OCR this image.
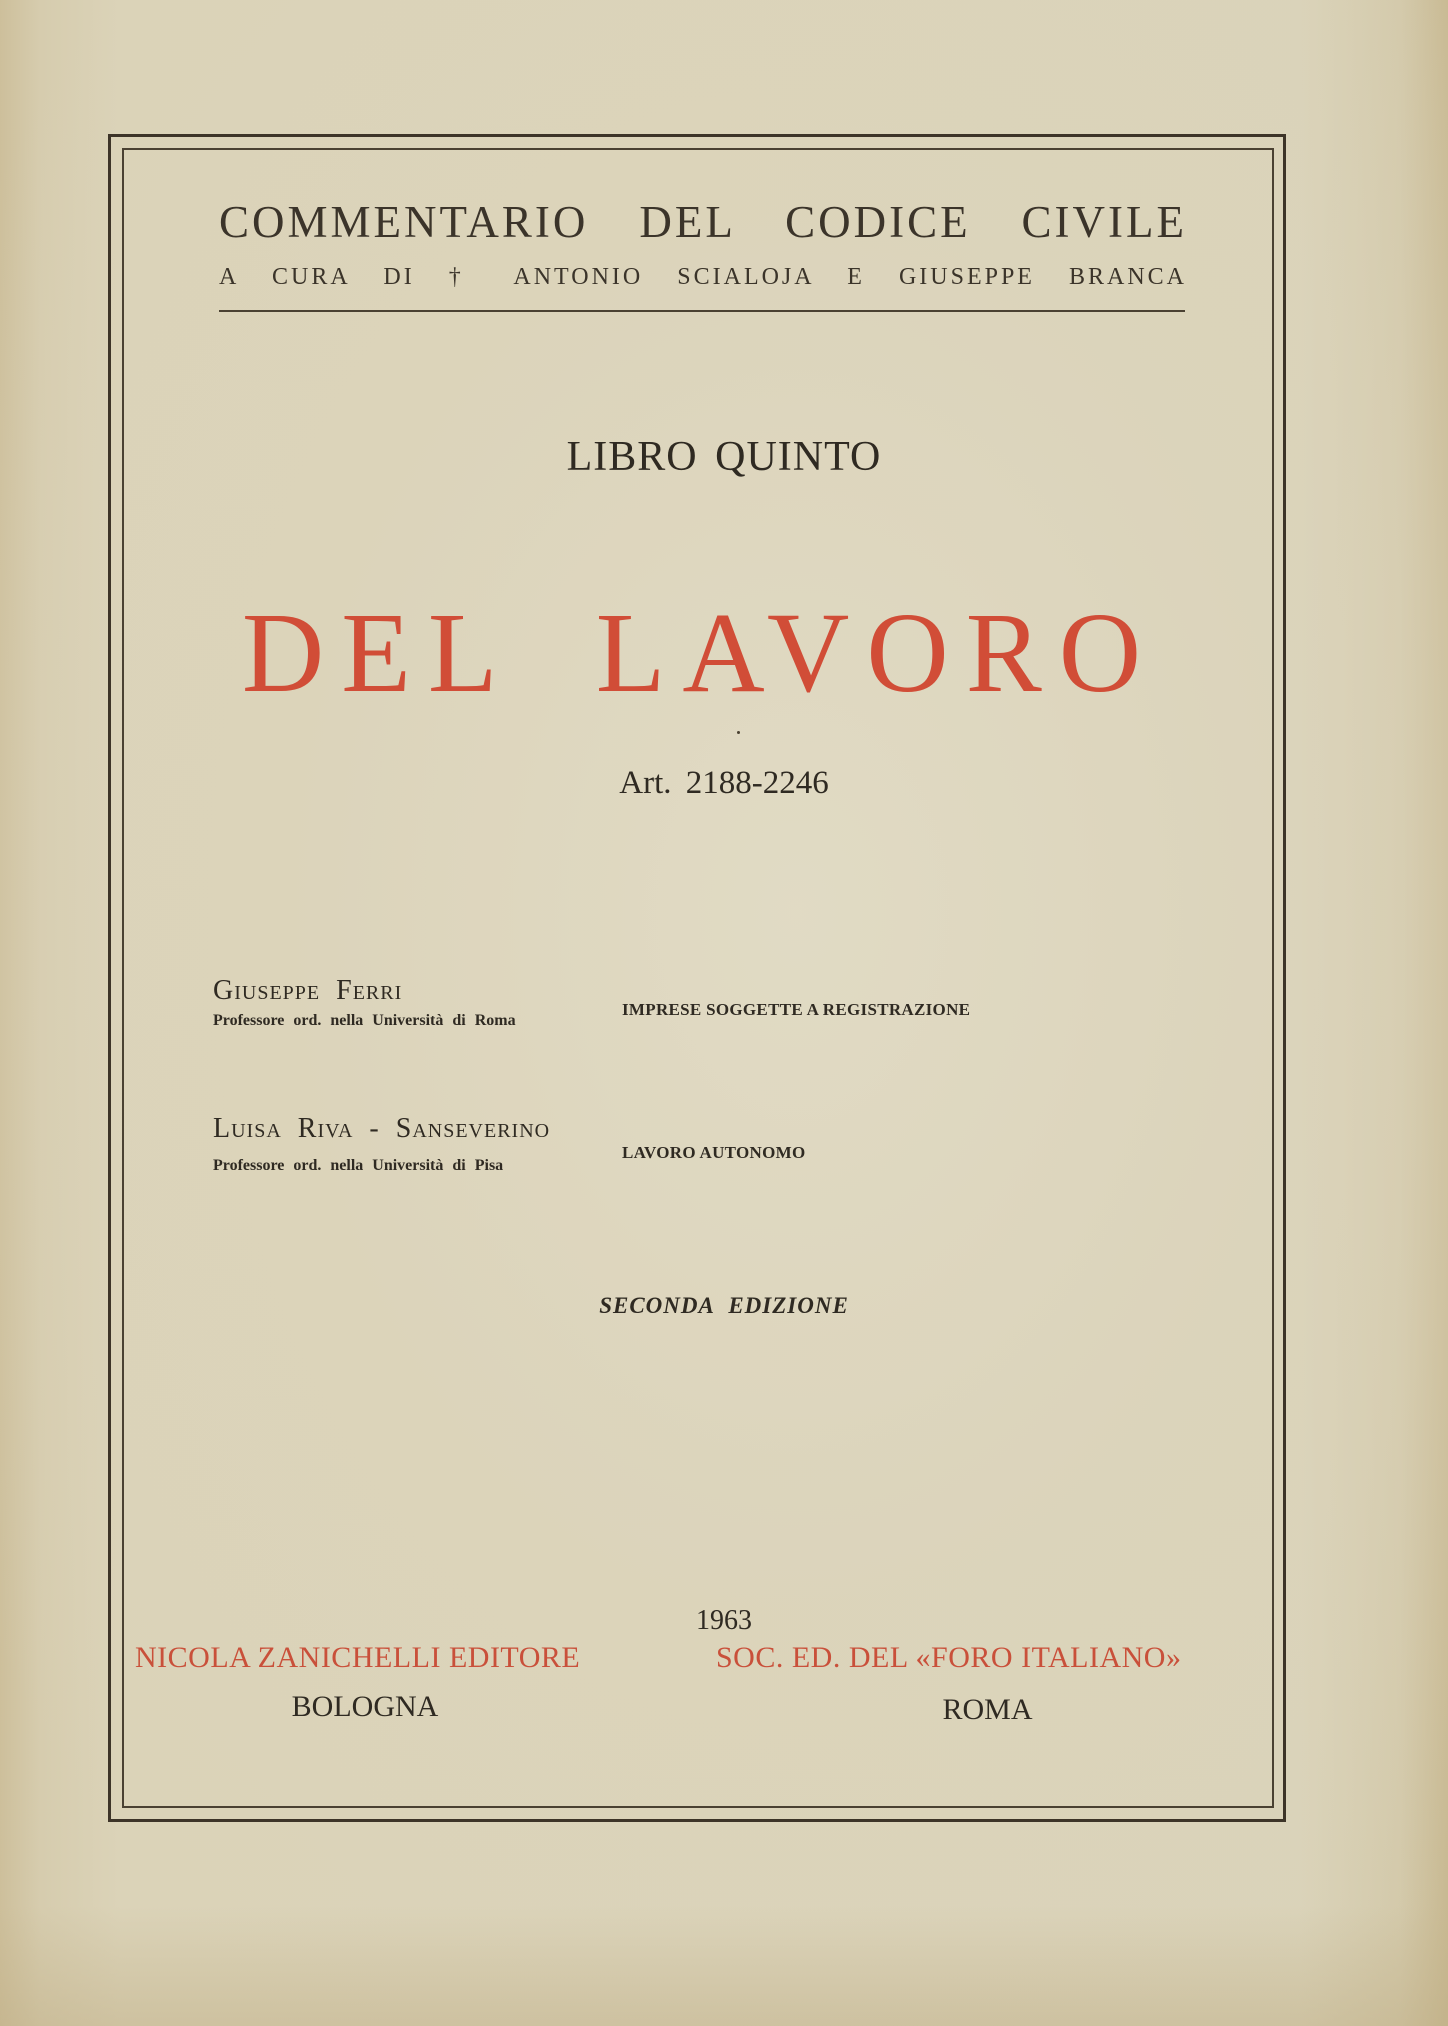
COMMENTARIO DEL CODICE CIVILE
A CURA DI † ANTONIO SCIALOJA E GIUSEPPE BRANCA
LIBRO QUINTO
DEL LAVORO
Art. 2188-2246
Giuseppe Ferri
Professore ord. nella Università di Roma
IMPRESE SOGGETTE A REGISTRAZIONE
Luisa Riva - Sanseverino
Professore ord. nella Università di Pisa
LAVORO AUTONOMO
SECONDA EDIZIONE
1963
NICOLA ZANICHELLI EDITORE	SOC. ED. DEL «FORO ITALIANO»
BOLOGNA	ROMA
